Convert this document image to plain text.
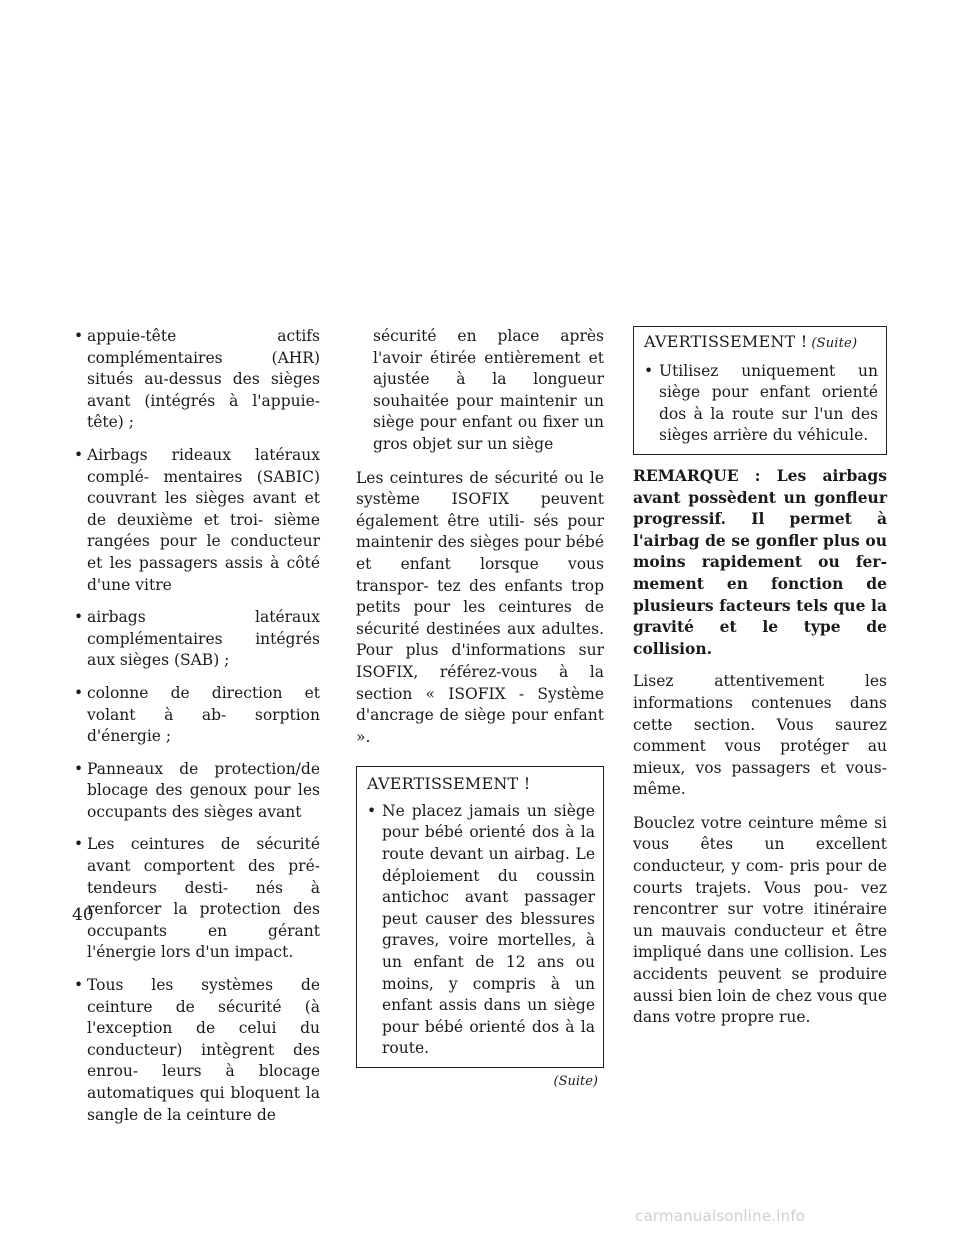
• appuie-tête actifs complémentaires (AHR) situés au-dessus des sièges avant (intégrés à l'appuie-tête) ;
• Airbags rideaux latéraux complé- mentaires (SABIC) couvrant les sièges avant et de deuxième et troi- sième rangées pour le conducteur et les passagers assis à côté d'une vitre
• airbags latéraux complémentaires intégrés aux sièges (SAB) ;
• colonne de direction et volant à ab- sorption d'énergie ;
• Panneaux de protection/de blocage des genoux pour les occupants des sièges avant
• Les ceintures de sécurité avant comportent des pré-tendeurs desti- nés à renforcer la protection des occupants en gérant l'énergie lors d'un impact.
• Tous les systèmes de ceinture de sécurité (à l'exception de celui du conducteur) intègrent des enrou- leurs à blocage automatiques qui bloquent la sangle de la ceinture de

sécurité en place après l'avoir étirée entièrement et ajustée à la longueur souhaitée pour maintenir un siège pour enfant ou fixer un gros objet sur un siège

Les ceintures de sécurité ou le système ISOFIX peuvent également être utili- sés pour maintenir des sièges pour bébé et enfant lorsque vous transpor- tez des enfants trop petits pour les ceintures de sécurité destinées aux adultes. Pour plus d'informations sur ISOFIX, référez-vous à la section « ISOFIX - Système d'ancrage de siège pour enfant ».

AVERTISSEMENT !
• Ne placez jamais un siège pour bébé orienté dos à la route devant un airbag. Le déploiement du coussin antichoc avant passager peut causer des blessures graves, voire mortelles, à un enfant de 12 ans ou moins, y compris à un enfant assis dans un siège pour bébé orienté dos à la route.
(Suite)
AVERTISSEMENT ! (Suite)
• Utilisez uniquement un siège pour enfant orienté dos à la route sur l'un des sièges arrière du véhicule.

REMARQUE : Les airbags avant possèdent un gonfleur progressif. Il permet à l'airbag de se gonfler plus ou moins rapidement ou fer- mement en fonction de plusieurs facteurs tels que la gravité et le type de collision.

Lisez attentivement les informations contenues dans cette section. Vous saurez comment vous protéger au mieux, vos passagers et vous-même.

Bouclez votre ceinture même si vous êtes un excellent conducteur, y com- pris pour de courts trajets. Vous pou- vez rencontrer sur votre itinéraire un mauvais conducteur et être impliqué dans une collision. Les accidents peuvent se produire aussi bien loin de chez vous que dans votre propre rue.

40
carmanualsonline.info
